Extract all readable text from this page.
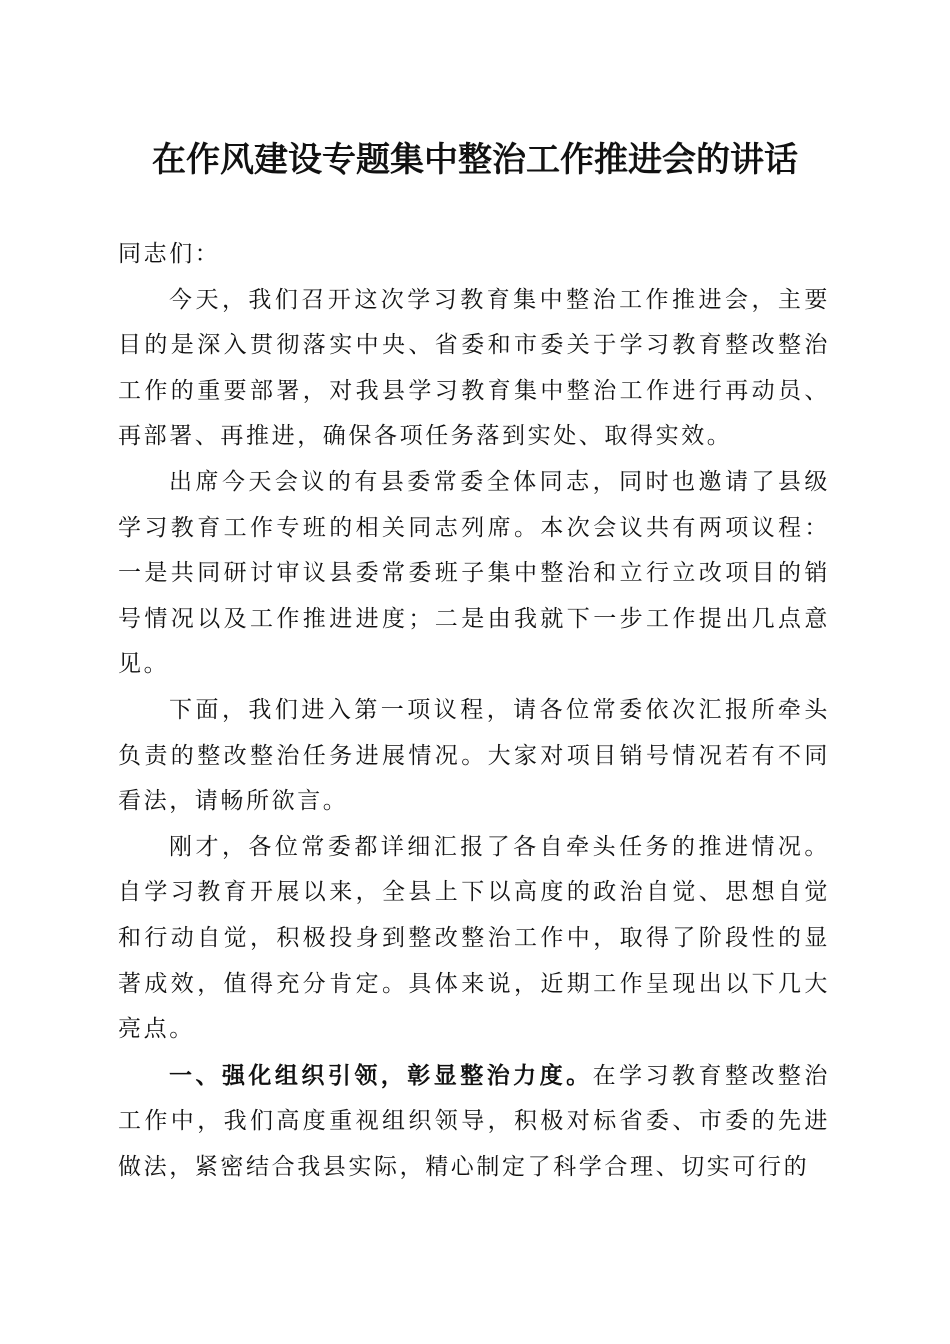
在作风建设专题集中整治工作推进会的讲话

同志们：

今天，我们召开这次学习教育集中整治工作推进会，主要目的是深入贯彻落实中央、省委和市委关于学习教育整改整治工作的重要部署，对我县学习教育集中整治工作进行再动员、再部署、再推进，确保各项任务落到实处、取得实效。

出席今天会议的有县委常委全体同志，同时也邀请了县级学习教育工作专班的相关同志列席。本次会议共有两项议程：一是共同研讨审议县委常委班子集中整治和立行立改项目的销号情况以及工作推进进度；二是由我就下一步工作提出几点意见。

下面，我们进入第一项议程，请各位常委依次汇报所牵头负责的整改整治任务进展情况。大家对项目销号情况若有不同看法，请畅所欲言。

刚才，各位常委都详细汇报了各自牵头任务的推进情况。自学习教育开展以来，全县上下以高度的政治自觉、思想自觉和行动自觉，积极投身到整改整治工作中，取得了阶段性的显著成效，值得充分肯定。具体来说，近期工作呈现出以下几大亮点。

一、强化组织引领，彰显整治力度。在学习教育整改整治工作中，我们高度重视组织领导，积极对标省委、市委的先进做法，紧密结合我县实际，精心制定了科学合理、切实可行的
